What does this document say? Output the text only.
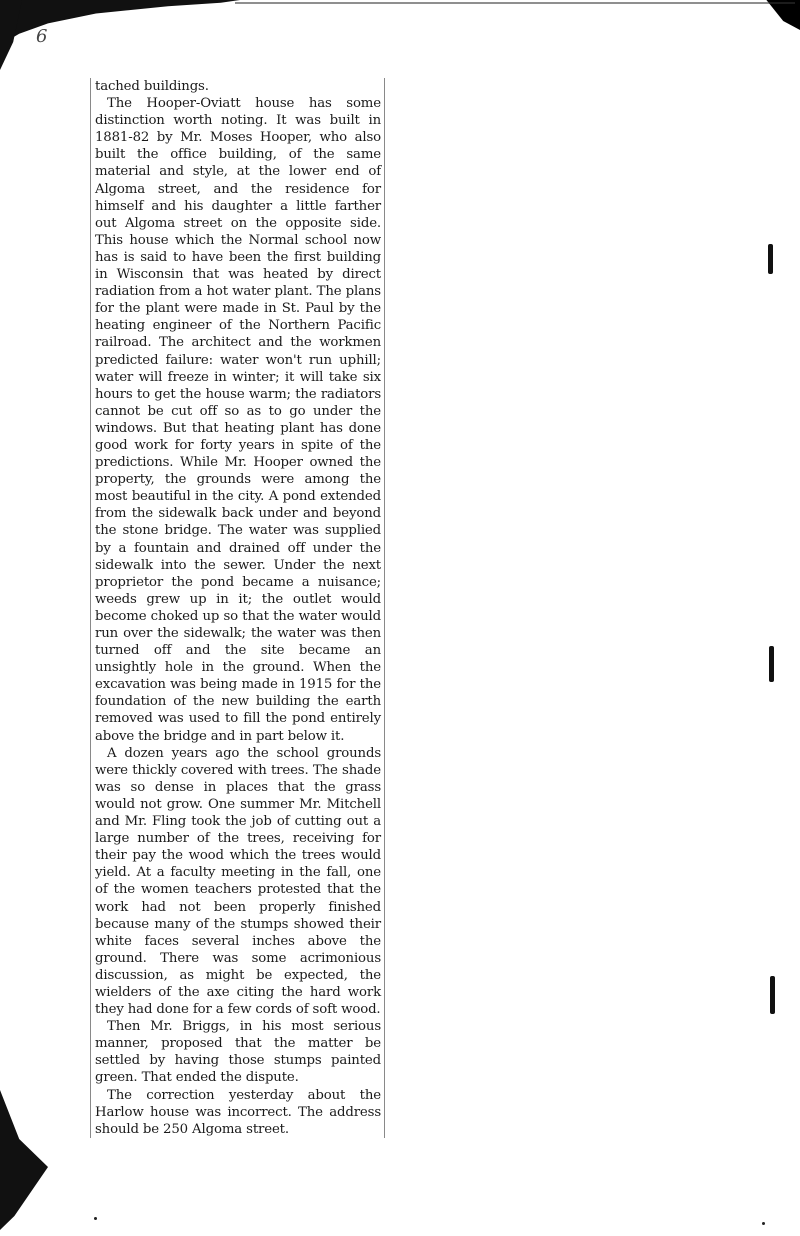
6

tached buildings.

The Hooper-Oviatt house has some distinction worth noting. It was built in 1881-82 by Mr. Moses Hooper, who also built the office building, of the same material and style, at the lower end of Algoma street, and the residence for himself and his daughter a little farther out Algoma street on the opposite side. This house which the Normal school now has is said to have been the first building in Wisconsin that was heated by direct radiation from a hot water plant. The plans for the plant were made in St. Paul by the heating engineer of the Northern Pacific railroad. The architect and the workmen predicted failure: water won't run uphill; water will freeze in winter; it will take six hours to get the house warm; the radiators cannot be cut off so as to go under the windows. But that heating plant has done good work for forty years in spite of the predictions. While Mr. Hooper owned the property, the grounds were among the most beautiful in the city. A pond extended from the sidewalk back under and beyond the stone bridge. The water was supplied by a fountain and drained off under the sidewalk into the sewer. Under the next proprietor the pond became a nuisance; weeds grew up in it; the outlet would become choked up so that the water would run over the sidewalk; the water was then turned off and the site became an unsightly hole in the ground. When the excavation was being made in 1915 for the foundation of the new building the earth removed was used to fill the pond entirely above the bridge and in part below it.

A dozen years ago the school grounds were thickly covered with trees. The shade was so dense in places that the grass would not grow. One summer Mr. Mitchell and Mr. Fling took the job of cutting out a large number of the trees, receiving for their pay the wood which the trees would yield. At a faculty meeting in the fall, one of the women teachers protested that the work had not been properly finished because many of the stumps showed their white faces several inches above the ground. There was some acrimonious discussion, as might be expected, the wielders of the axe citing the hard work they had done for a few cords of soft wood.

Then Mr. Briggs, in his most serious manner, proposed that the matter be settled by having those stumps painted green. That ended the dispute.

The correction yesterday about the Harlow house was incorrect. The address should be 250 Algoma street.
